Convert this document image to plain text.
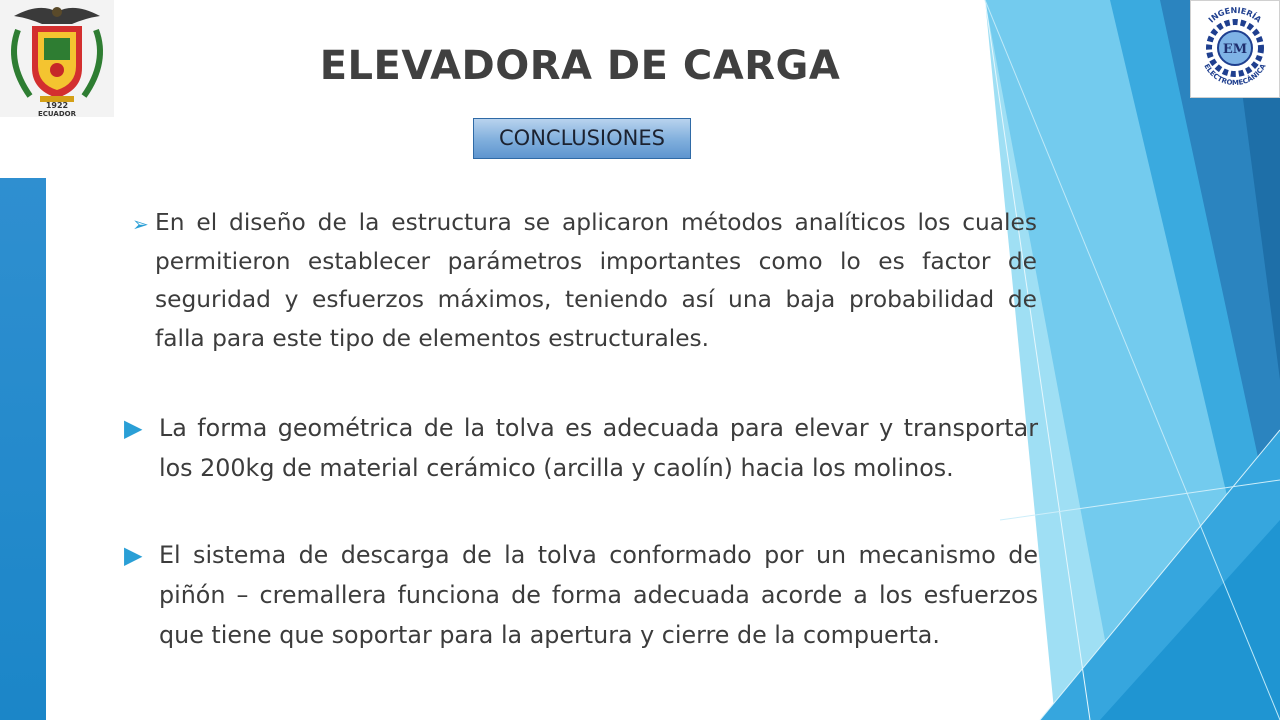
1922
ECUADOR
EM
INGENIERÍA
ELECTROMECÁNICA
ELEVADORA DE CARGA
CONCLUSIONES
➢ En el diseño de la estructura se aplicaron métodos analíticos los cuales permitieron establecer parámetros importantes como lo es factor de seguridad y esfuerzos máximos, teniendo así una baja probabilidad de falla para este tipo de elementos estructurales.
▶ La forma geométrica de la tolva es adecuada para elevar y transportar los 200kg de material cerámico (arcilla y caolín) hacia los molinos.
▶ El sistema de descarga de la tolva conformado por un mecanismo de piñón – cremallera funciona de forma adecuada acorde a los esfuerzos que tiene que soportar para la apertura y cierre de la compuerta.
